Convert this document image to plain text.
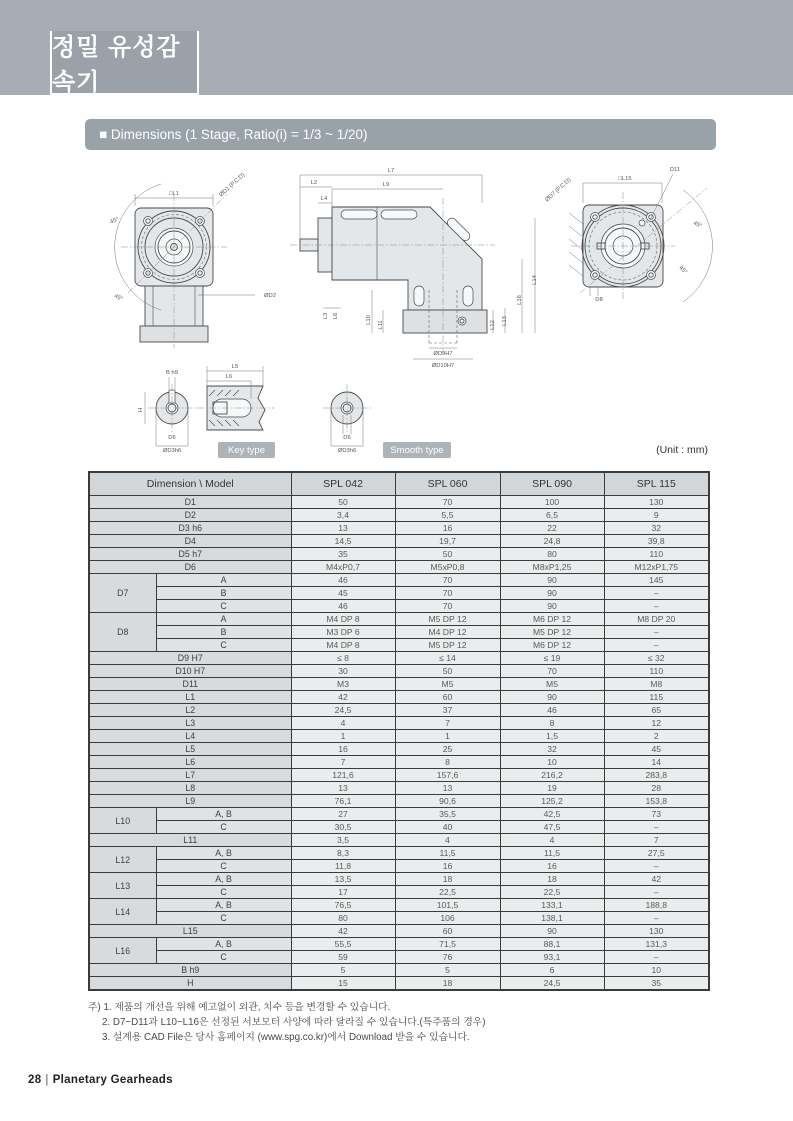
정밀 유성감속기
■ Dimensions (1 Stage, Ratio(i) = 1/3 ~ 1/20)
□L1	ØD1 (P.C.D)
ØD2
45°
45°
L7
L2	L9
L4
L3 L6	L10
L11	L12 L13
L16
L14
ØD9H7
ØD10H7
D11
□L15
ØD7 (P.C.D)
D8
45°
45°
B h9
H
D6
ØD3h6
L5
L6
D6
ØD3h6
Key type	Smooth type	(Unit : mm)
Dimension \ Model		SPL 042	SPL 060	SPL 090	SPL 115
D1		50	70	100	130
D2		3,4	5,5	6,5	9
D3 h6		13	16	22	32
D4		14,5	19,7	24,8	39,8
D5 h7		35	50	80	110
D6		M4xP0,7	M5xP0,8	M8xP1,25	M12xP1,75
D7	A	46	70	90	145
	B	45	70	90	–
	C	46	70	90	–
D8	A	M4 DP 8	M5 DP 12	M6 DP 12	M8 DP 20
	B	M3 DP 6	M4 DP 12	M5 DP 12	–
	C	M4 DP 8	M5 DP 12	M6 DP 12	–
D9 H7		≤ 8	≤ 14	≤ 19	≤ 32
D10 H7		30	50	70	110
D11		M3	M5	M5	M8
L1		42	60	90	115
L2		24,5	37	46	65
L3		4	7	8	12
L4		1	1	1,5	2
L5		16	25	32	45
L6		7	8	10	14
L7		121,6	157,6	216,2	283,8
L8		13	13	19	28
L9		76,1	90,6	125,2	153,8
L10	A, B	27	35,5	42,5	73
	C	30,5	40	47,5	–
L11		3,5	4	4	7
L12	A, B	8,3	11,5	11,5	27,5
	C	11,8	16	16	–
L13	A, B	13,5	18	18	42
	C	17	22,5	22,5	–
L14	A, B	76,5	101,5	133,1	188,8
	C	80	106	138,1	–
L15		42	60	90	130
L16	A, B	55,5	71,5	88,1	131,3
	C	59	76	93,1	–
B h9		5	5	6	10
H		15	18	24,5	35
주) 1. 제품의 개선을 위해 예고없이 외관, 치수 등을 변경할 수 있습니다.
2. D7~D11과 L10~L16은 선정된 서보모터 사양에 따라 달라질 수 있습니다.(특주품의 경우)
3. 설계용 CAD File은 당사 홈페이지 (www.spg.co.kr)에서 Download 받을 수 있습니다.
28 | Planetary Gearheads
